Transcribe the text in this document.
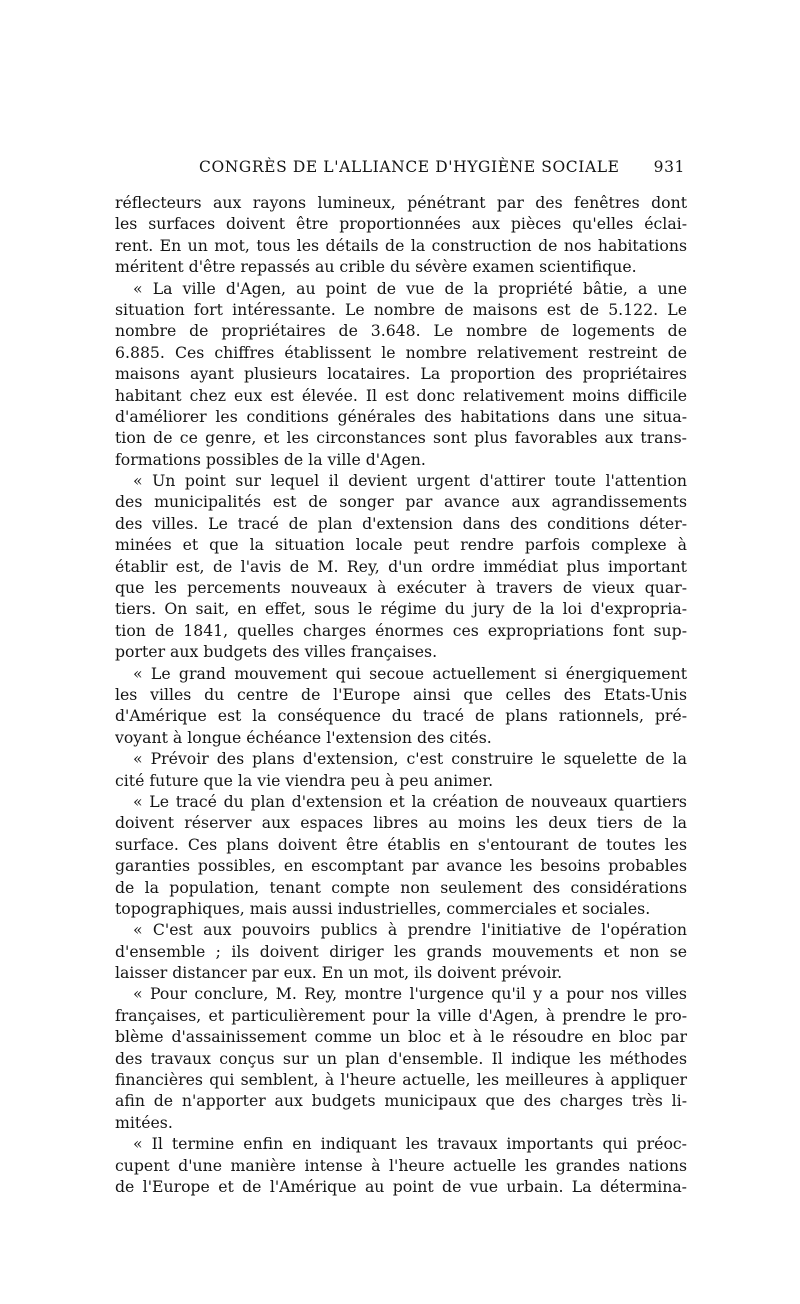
CONGRÈS DE L'ALLIANCE D'HYGIÈNE SOCIALE 931
réflecteurs aux rayons lumineux, pénétrant par des fenêtres dont
les surfaces doivent être proportionnées aux pièces qu'elles éclai-
rent. En un mot, tous les détails de la construction de nos habitations
méritent d'être repassés au crible du sévère examen scientifique.
« La ville d'Agen, au point de vue de la propriété bâtie, a une
situation fort intéressante. Le nombre de maisons est de 5.122. Le
nombre de propriétaires de 3.648. Le nombre de logements de
6.885. Ces chiffres établissent le nombre relativement restreint de
maisons ayant plusieurs locataires. La proportion des propriétaires
habitant chez eux est élevée. Il est donc relativement moins difficile
d'améliorer les conditions générales des habitations dans une situa-
tion de ce genre, et les circonstances sont plus favorables aux trans-
formations possibles de la ville d'Agen.
« Un point sur lequel il devient urgent d'attirer toute l'attention
des municipalités est de songer par avance aux agrandissements
des villes. Le tracé de plan d'extension dans des conditions déter-
minées et que la situation locale peut rendre parfois complexe à
établir est, de l'avis de M. Rey, d'un ordre immédiat plus important
que les percements nouveaux à exécuter à travers de vieux quar-
tiers. On sait, en effet, sous le régime du jury de la loi d'expropria-
tion de 1841, quelles charges énormes ces expropriations font sup-
porter aux budgets des villes françaises.
« Le grand mouvement qui secoue actuellement si énergiquement
les villes du centre de l'Europe ainsi que celles des Etats-Unis
d'Amérique est la conséquence du tracé de plans rationnels, pré-
voyant à longue échéance l'extension des cités.
« Prévoir des plans d'extension, c'est construire le squelette de la
cité future que la vie viendra peu à peu animer.
« Le tracé du plan d'extension et la création de nouveaux quartiers
doivent réserver aux espaces libres au moins les deux tiers de la
surface. Ces plans doivent être établis en s'entourant de toutes les
garanties possibles, en escomptant par avance les besoins probables
de la population, tenant compte non seulement des considérations
topographiques, mais aussi industrielles, commerciales et sociales.
« C'est aux pouvoirs publics à prendre l'initiative de l'opération
d'ensemble ; ils doivent diriger les grands mouvements et non se
laisser distancer par eux. En un mot, ils doivent prévoir.
« Pour conclure, M. Rey, montre l'urgence qu'il y a pour nos villes
françaises, et particulièrement pour la ville d'Agen, à prendre le pro-
blème d'assainissement comme un bloc et à le résoudre en bloc par
des travaux conçus sur un plan d'ensemble. Il indique les méthodes
financières qui semblent, à l'heure actuelle, les meilleures à appliquer
afin de n'apporter aux budgets municipaux que des charges très li-
mitées.
« Il termine enfin en indiquant les travaux importants qui préoc-
cupent d'une manière intense à l'heure actuelle les grandes nations
de l'Europe et de l'Amérique au point de vue urbain. La détermina-
